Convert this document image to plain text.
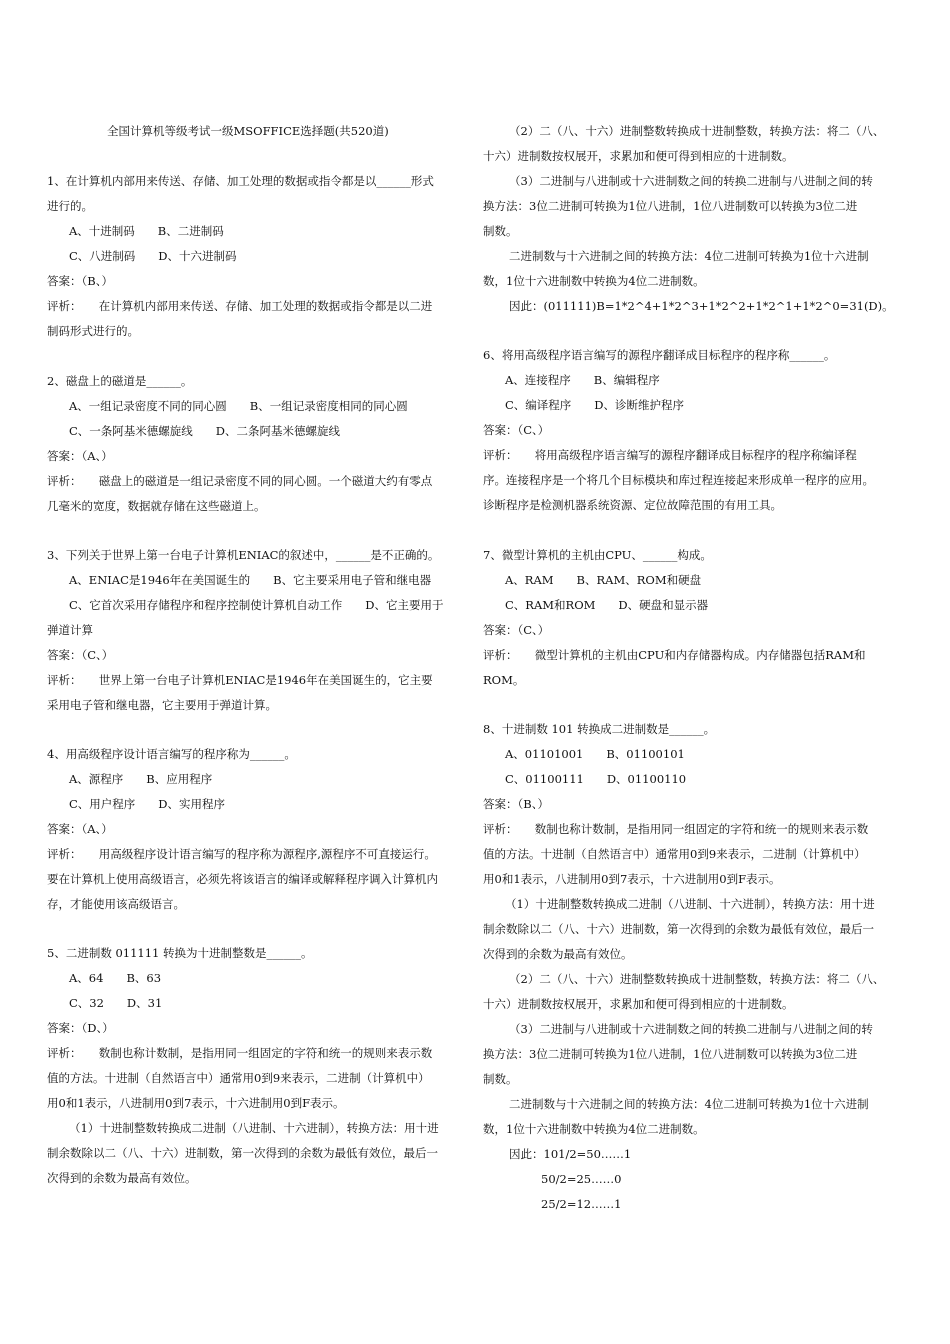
全国计算机等级考试一级MSOFFICE选择题(共520道)
1、在计算机内部用来传送、存储、加工处理的数据或指令都是以______形式
进行的。
A、十进制码　　B、二进制码
C、八进制码　　D、十六进制码
答案：（B、）
评析：　　在计算机内部用来传送、存储、加工处理的数据或指令都是以二进
制码形式进行的。
2、磁盘上的磁道是______。
A、一组记录密度不同的同心圆　　B、一组记录密度相同的同心圆
C、一条阿基米德螺旋线　　D、二条阿基米德螺旋线
答案：（A、）
评析：　　磁盘上的磁道是一组记录密度不同的同心圆。一个磁道大约有零点
几毫米的宽度，数据就存储在这些磁道上。
3、下列关于世界上第一台电子计算机ENIAC的叙述中，______是不正确的。
A、ENIAC是1946年在美国诞生的　　B、它主要采用电子管和继电器
C、它首次采用存储程序和程序控制使计算机自动工作　　D、它主要用于
弹道计算
答案：（C、）
评析：　　世界上第一台电子计算机ENIAC是1946年在美国诞生的，它主要
采用电子管和继电器，它主要用于弹道计算。
4、用高级程序设计语言编写的程序称为______。
A、源程序　　B、应用程序
C、用户程序　　D、实用程序
答案：（A、）
评析：　　用高级程序设计语言编写的程序称为源程序,源程序不可直接运行。
要在计算机上使用高级语言，必须先将该语言的编译或解释程序调入计算机内
存，才能使用该高级语言。
5、二进制数 011111 转换为十进制整数是______。
A、64　　B、63
C、32　　D、31
答案：（D、）
评析：　　数制也称计数制，是指用同一组固定的字符和统一的规则来表示数
值的方法。十进制（自然语言中）通常用0到9来表示，二进制（计算机中）
用0和1表示，八进制用0到7表示，十六进制用0到F表示。
（1）十进制整数转换成二进制（八进制、十六进制），转换方法：用十进
制余数除以二（八、十六）进制数，第一次得到的余数为最低有效位，最后一
次得到的余数为最高有效位。
（2）二（八、十六）进制整数转换成十进制整数，转换方法：将二（八、
十六）进制数按权展开，求累加和便可得到相应的十进制数。
（3）二进制与八进制或十六进制数之间的转换二进制与八进制之间的转
换方法：3位二进制可转换为1位八进制，1位八进制数可以转换为3位二进
制数。
二进制数与十六进制之间的转换方法：4位二进制可转换为1位十六进制
数，1位十六进制数中转换为4位二进制数。
因此：(011111)B=1*2^4+1*2^3+1*2^2+1*2^1+1*2^0=31(D)。
6、将用高级程序语言编写的源程序翻译成目标程序的程序称______。
A、连接程序　　B、编辑程序
C、编译程序　　D、诊断维护程序
答案：（C、）
评析：　　将用高级程序语言编写的源程序翻译成目标程序的程序称编译程
序。连接程序是一个将几个目标模块和库过程连接起来形成单一程序的应用。
诊断程序是检测机器系统资源、定位故障范围的有用工具。
7、微型计算机的主机由CPU、______构成。
A、RAM　　B、RAM、ROM和硬盘
C、RAM和ROM　　D、硬盘和显示器
答案：（C、）
评析：　　微型计算机的主机由CPU和内存储器构成。内存储器包括RAM和
ROM。
8、十进制数 101 转换成二进制数是______。
A、01101001　　B、01100101
C、01100111　　D、01100110
答案：（B、）
评析：　　数制也称计数制，是指用同一组固定的字符和统一的规则来表示数
值的方法。十进制（自然语言中）通常用0到9来表示，二进制（计算机中）
用0和1表示，八进制用0到7表示，十六进制用0到F表示。
（1）十进制整数转换成二进制（八进制、十六进制），转换方法：用十进
制余数除以二（八、十六）进制数，第一次得到的余数为最低有效位，最后一
次得到的余数为最高有效位。
（2）二（八、十六）进制整数转换成十进制整数，转换方法：将二（八、
十六）进制数按权展开，求累加和便可得到相应的十进制数。
（3）二进制与八进制或十六进制数之间的转换二进制与八进制之间的转
换方法：3位二进制可转换为1位八进制，1位八进制数可以转换为3位二进
制数。
二进制数与十六进制之间的转换方法：4位二进制可转换为1位十六进制
数，1位十六进制数中转换为4位二进制数。
因此：101/2=50……1
50/2=25……0
25/2=12……1
